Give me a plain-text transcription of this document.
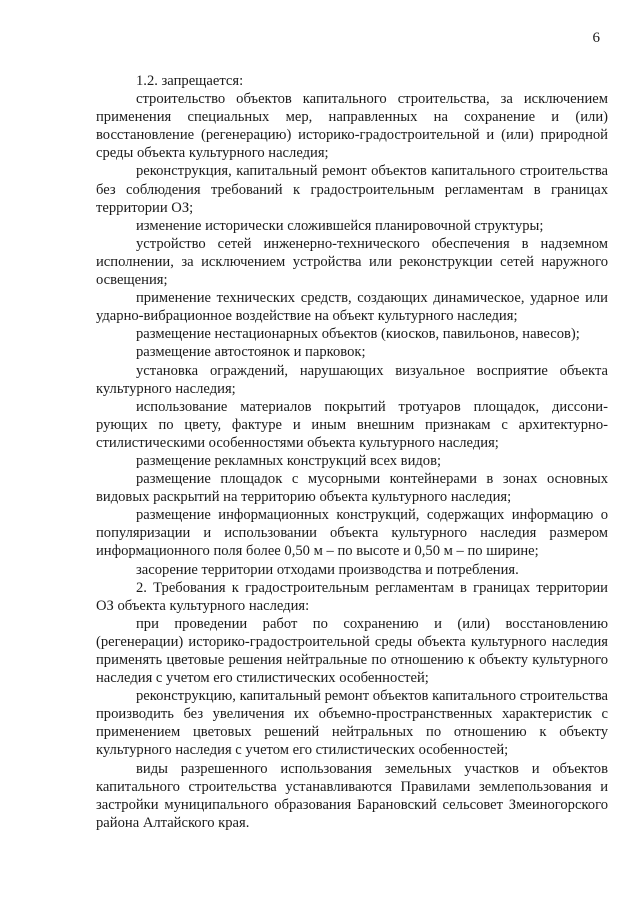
6

1.2. запрещается:

строительство объектов капитального строительства, за исключением применения специальных мер, направленных на сохранение и (или) восстановление (регенерацию) историко-градостроительной и (или) природной среды объекта культурного наследия;

реконструкция, капитальный ремонт объектов капитального строительства без соблюдения требований к градостроительным регламентам в границах территории ОЗ;

изменение исторически сложившейся планировочной структуры;

устройство сетей инженерно-технического обеспечения в надземном исполнении, за исключением устройства или реконструкции сетей наружного освещения;

применение технических средств, создающих динамическое, ударное или ударно-вибрационное воздействие на объект культурного наследия;

размещение нестационарных объектов (киосков, павильонов, навесов);

размещение автостоянок и парковок;

установка ограждений, нарушающих визуальное восприятие объекта культурного наследия;

использование материалов покрытий тротуаров площадок, диссонирующих по цвету, фактуре и иным внешним признакам с архитектурно-стилистическими особенностями объекта культурного наследия;

размещение рекламных конструкций всех видов;

размещение площадок с мусорными контейнерами в зонах основных видовых раскрытий на территорию объекта культурного наследия;

размещение информационных конструкций, содержащих информацию о популяризации и использовании объекта культурного наследия размером информационного поля более 0,50 м – по высоте и 0,50 м – по ширине;

засорение территории отходами производства и потребления.

2. Требования к градостроительным регламентам в границах территории ОЗ объекта культурного наследия:

при проведении работ по сохранению и (или) восстановлению (регенерации) историко-градостроительной среды объекта культурного наследия применять цветовые решения нейтральные по отношению к объекту культурного наследия с учетом его стилистических особенностей;

реконструкцию, капитальный ремонт объектов капитального строительства производить без увеличения их объемно-пространственных характеристик с применением цветовых решений нейтральных по отношению к объекту культурного наследия с учетом его стилистических особенностей;

виды разрешенного использования земельных участков и объектов капитального строительства устанавливаются Правилами землепользования и застройки муниципального образования Барановский сельсовет Змеиногорского района Алтайского края.
